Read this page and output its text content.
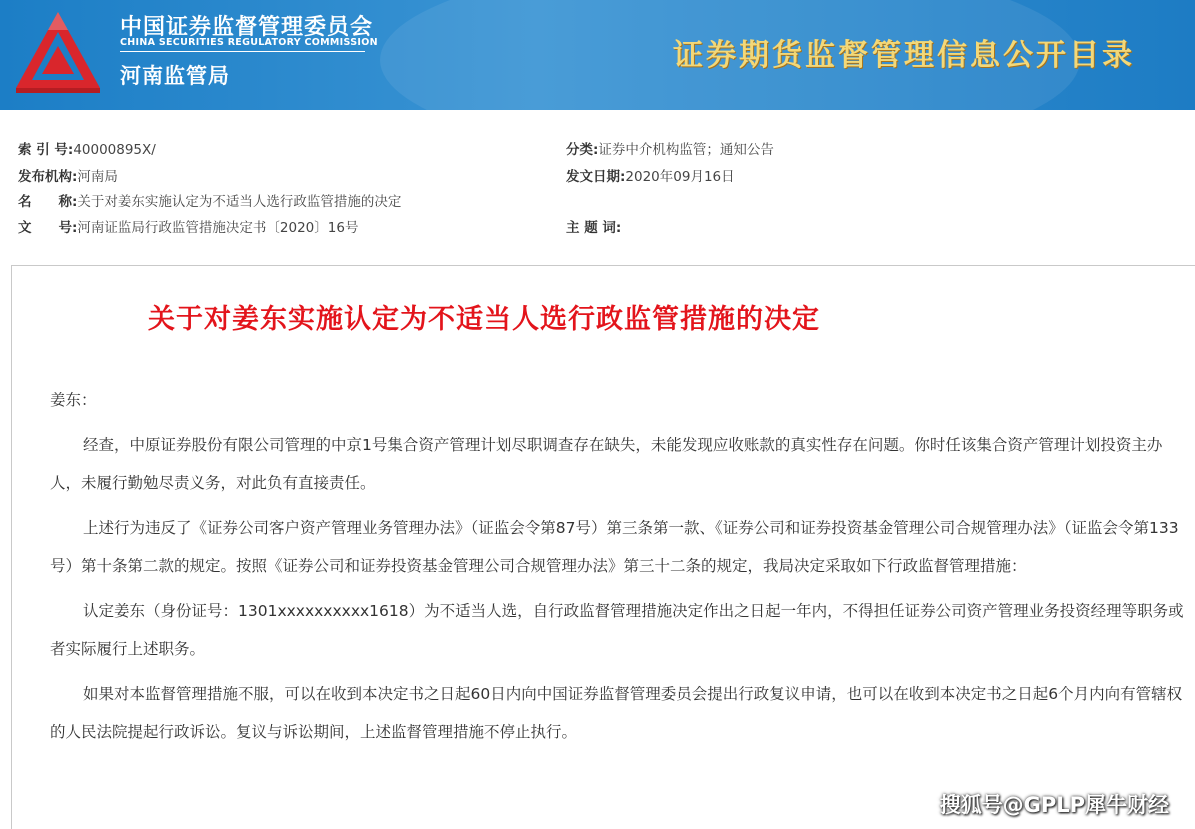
中国证券监督管理委员会
CHINA SECURITIES REGULATORY COMMISSION
河南监管局
证券期货监督管理信息公开目录
索 引 号:40000895X/	分类:证券中介机构监管；通知公告
发布机构:河南局	发文日期:2020年09月16日
名　　称:关于对姜东实施认定为不适当人选行政监管措施的决定
文　　号:河南证监局行政监管措施决定书〔2020〕16号	主 题 词:
关于对姜东实施认定为不适当人选行政监管措施的决定

姜东：

经查，中原证券股份有限公司管理的中京1号集合资产管理计划尽职调查存在缺失，未能发现应收账款的真实性存在问题。你时任该集合资产管理计划投资主办人，未履行勤勉尽责义务，对此负有直接责任。

上述行为违反了《证券公司客户资产管理业务管理办法》（证监会令第87号）第三条第一款、《证券公司和证券投资基金管理公司合规管理办法》（证监会令第133号）第十条第二款的规定。按照《证券公司和证券投资基金管理公司合规管理办法》第三十二条的规定，我局决定采取如下行政监督管理措施：

认定姜东（身份证号：1301xxxxxxxxxx1618）为不适当人选，自行政监督管理措施决定作出之日起一年内，不得担任证券公司资产管理业务投资经理等职务或者实际履行上述职务。

如果对本监督管理措施不服，可以在收到本决定书之日起60日内向中国证券监督管理委员会提出行政复议申请，也可以在收到本决定书之日起6个月内向有管辖权的人民法院提起行政诉讼。复议与诉讼期间，上述监督管理措施不停止执行。

搜狐号@GPLP犀牛财经
